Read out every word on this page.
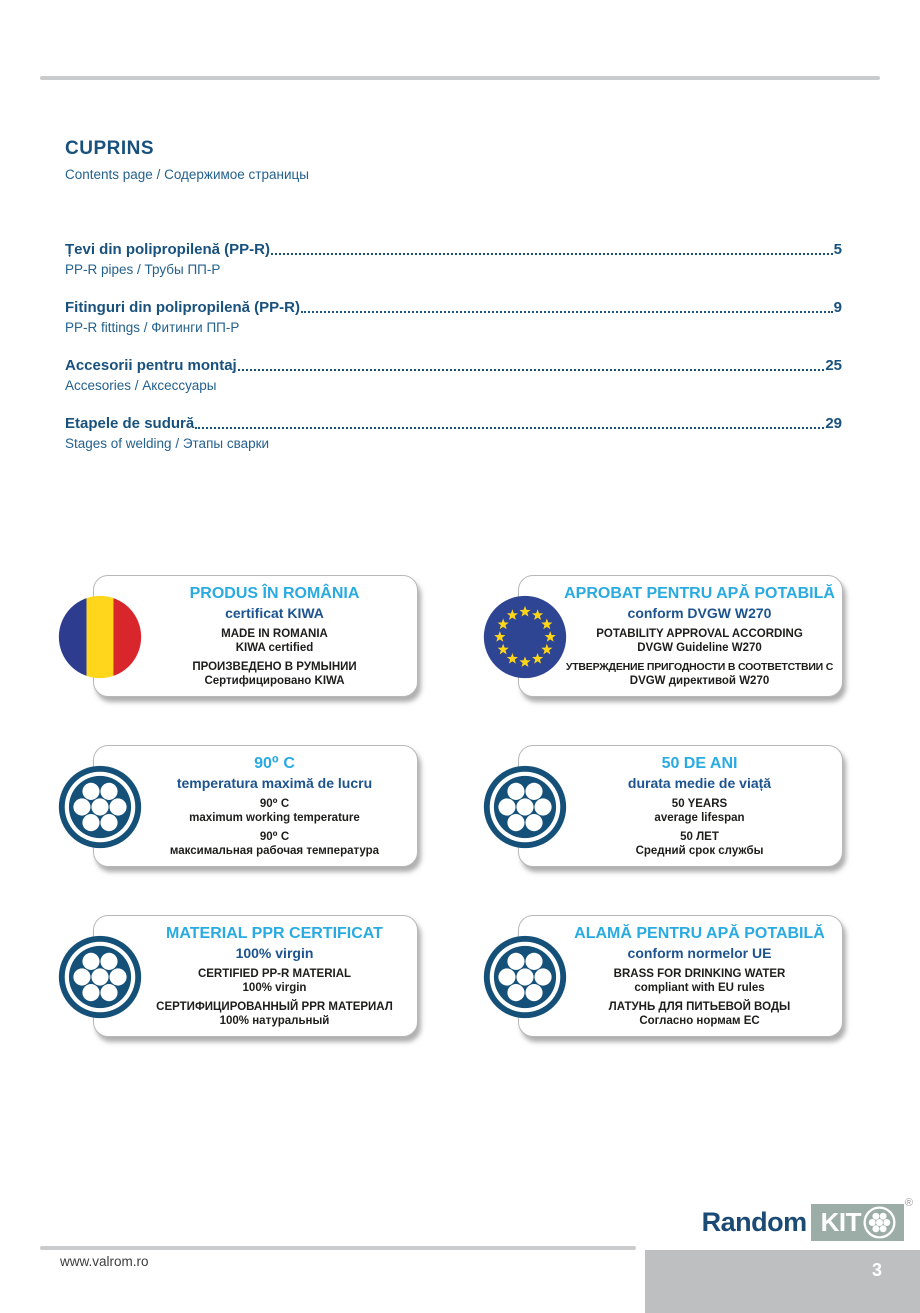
CUPRINS
Contents page / Содержимое страницы
Țevi din polipropilenă (PP-R)	5
PP-R pipes / Трубы ПП-Р
Fitinguri din polipropilenă (PP-R)	9
PP-R fittings / Фитинги ПП-Р
Accesorii pentru montaj	25
Accesories / Аксессуары
Etapele de sudură	29
Stages of welding / Этапы сварки
PRODUS ÎN ROMÂNIA
certificat KIWA
MADE IN ROMANIA
KIWA certified
ПРОИЗВЕДЕНО В РУМЫНИИ
Сертифицировано KIWA
APROBAT PENTRU APĂ POTABILĂ
conform DVGW W270
POTABILITY APPROVAL ACCORDING
DVGW Guideline W270
УТВЕРЖДЕНИЕ ПРИГОДНОСТИ В СООТВЕТСТВИИ С
DVGW директивой W270
90⁰ C
temperatura maximă de lucru
90⁰ C
maximum working temperature
90⁰ C
максимальная рабочая температура
50 DE ANI
durata medie de viață
50 YEARS
average lifespan
50 ЛЕТ
Средний срок службы
MATERIAL PPR CERTIFICAT
100% virgin
CERTIFIED PP-R MATERIAL
100% virgin
СЕРТИФИЦИРОВАННЫЙ PPR МАТЕРИАЛ
100% натуральный
ALAMĂ PENTRU APĂ POTABILĂ
conform normelor UE
BRASS FOR DRINKING WATER
compliant with EU rules
ЛАТУНЬ ДЛЯ ПИТЬЕВОЙ ВОДЫ
Согласно нормам ЕС
Random KIT
®
www.valrom.ro	3
